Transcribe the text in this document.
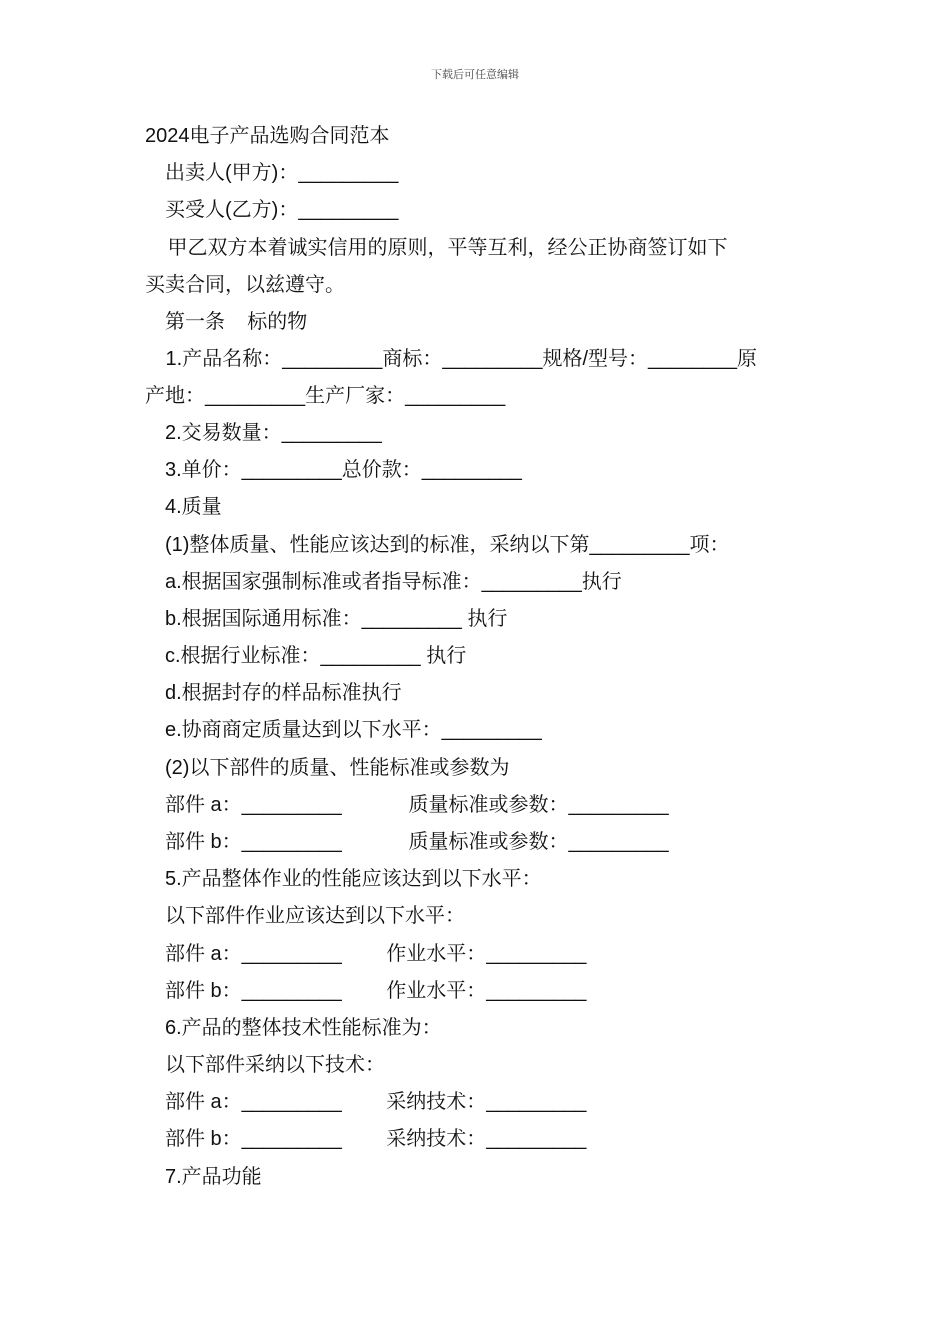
下载后可任意编辑
2024电子产品选购合同范本
出卖人(甲方)：_________
买受人(乙方)：_________
甲乙双方本着诚实信用的原则，平等互利，经公正协商签订如下
买卖合同，以兹遵守。
第一条    标的物
1.产品名称：_________商标：_________规格/型号：________原
产地：_________生产厂家：_________
2.交易数量：_________
3.单价：_________总价款：_________
4.质量
(1)整体质量、性能应该达到的标准，采纳以下第_________项：
a.根据国家强制标准或者指导标准：_________执行
b.根据国际通用标准：_________ 执行
c.根据行业标准：_________ 执行
d.根据封存的样品标准执行
e.协商商定质量达到以下水平：_________
(2)以下部件的质量、性能标准或参数为
部件 a：_________            质量标准或参数：_________
部件 b：_________            质量标准或参数：_________
5.产品整体作业的性能应该达到以下水平：
以下部件作业应该达到以下水平：
部件 a：_________        作业水平：_________
部件 b：_________        作业水平：_________
6.产品的整体技术性能标准为：
以下部件采纳以下技术：
部件 a：_________        采纳技术：_________
部件 b：_________        采纳技术：_________
7.产品功能
